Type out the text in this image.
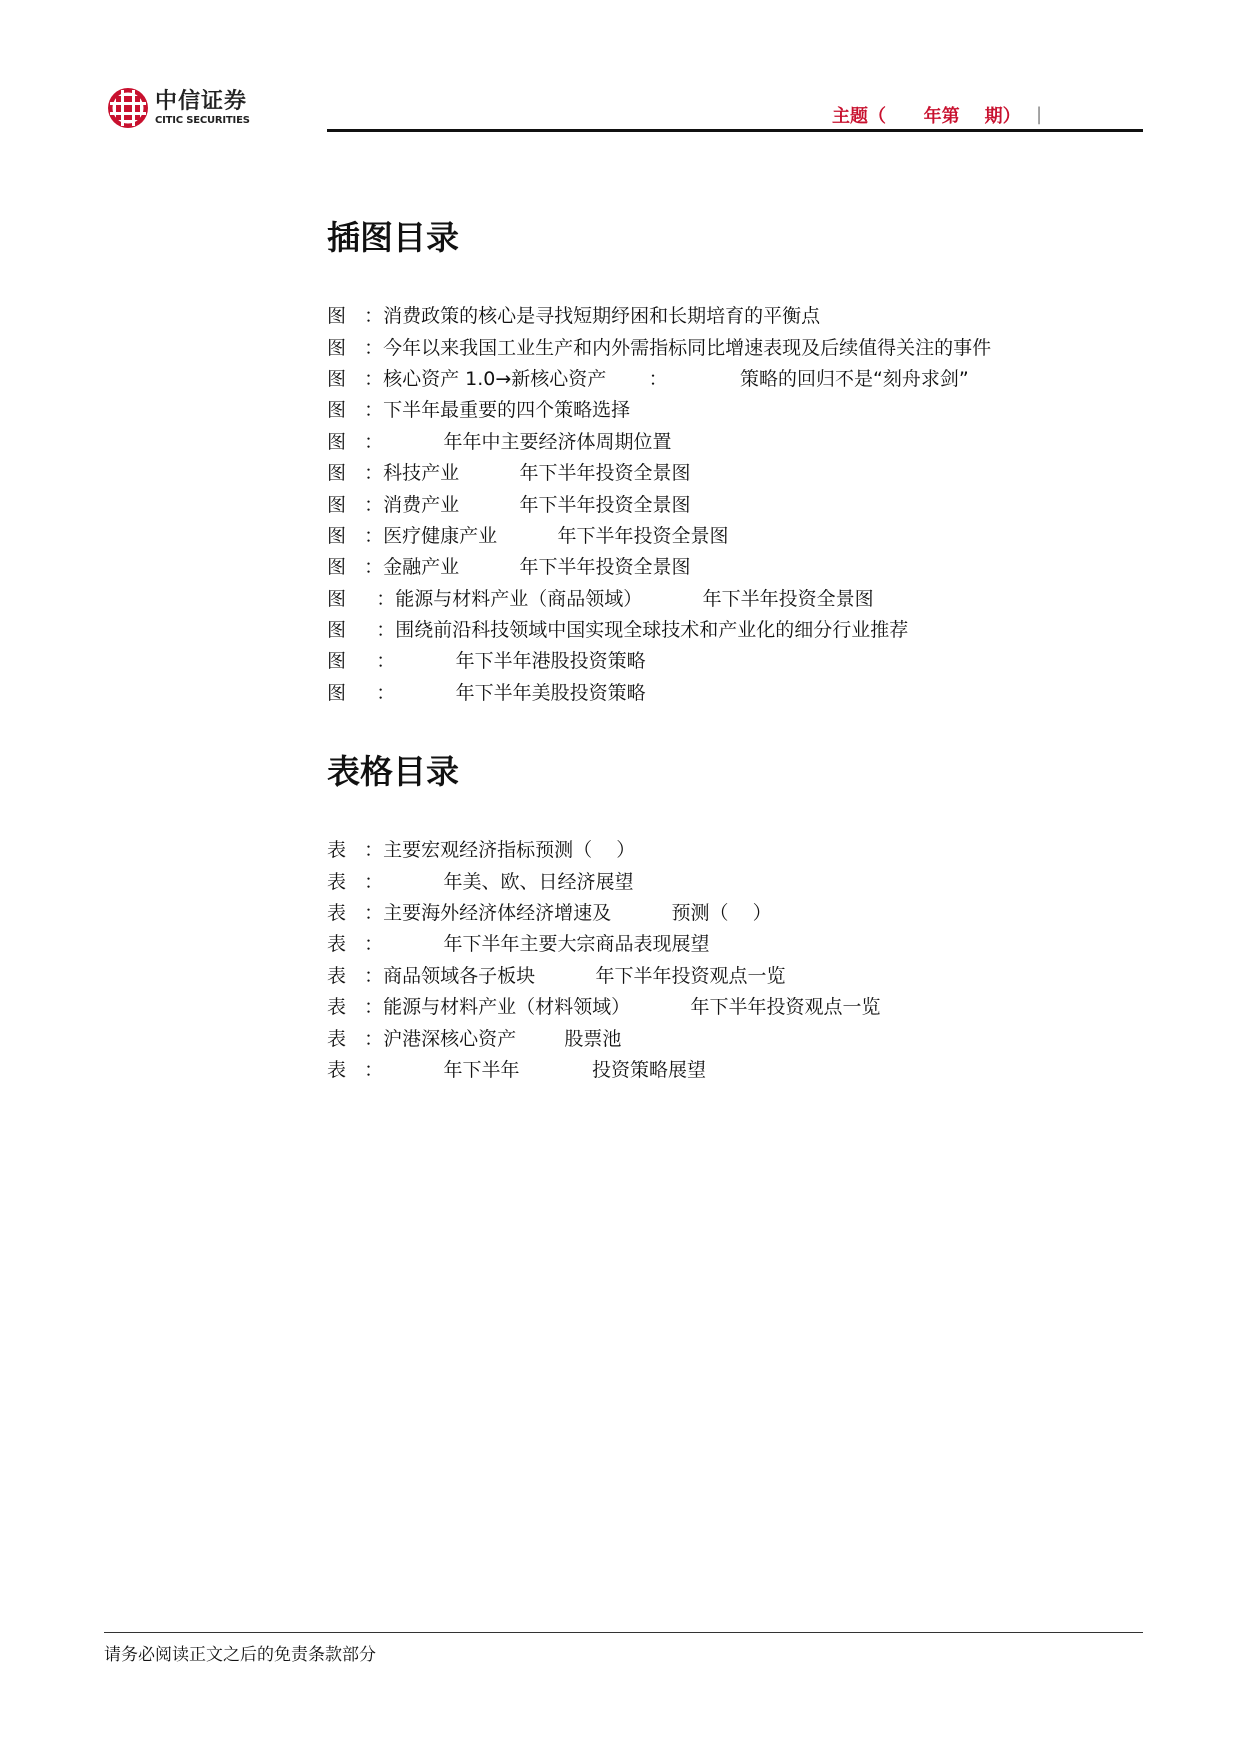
中信证券
CITIC SECURITIES	主题（      年第    期） |
插图目录
图   ：消费政策的核心是寻找短期纾困和长期培育的平衡点
图   ：今年以来我国工业生产和内外需指标同比增速表现及后续值得关注的事件
图   ：核心资产 1.0→新核心资产       ：            策略的回归不是“刻舟求剑”
图   ：下半年最重要的四个策略选择
图   ：          年年中主要经济体周期位置
图   ：科技产业          年下半年投资全景图
图   ：消费产业          年下半年投资全景图
图   ：医疗健康产业          年下半年投资全景图
图   ：金融产业          年下半年投资全景图
图     ：能源与材料产业（商品领域）          年下半年投资全景图
图     ：围绕前沿科技领域中国实现全球技术和产业化的细分行业推荐
图     ：          年下半年港股投资策略
图     ：          年下半年美股投资策略
表格目录
表   ：主要宏观经济指标预测（    ）
表   ：          年美、欧、日经济展望
表   ：主要海外经济体经济增速及          预测（    ）
表   ：          年下半年主要大宗商品表现展望
表   ：商品领域各子板块          年下半年投资观点一览
表   ：能源与材料产业（材料领域）          年下半年投资观点一览
表   ：沪港深核心资产        股票池
表   ：          年下半年            投资策略展望
请务必阅读正文之后的免责条款部分
